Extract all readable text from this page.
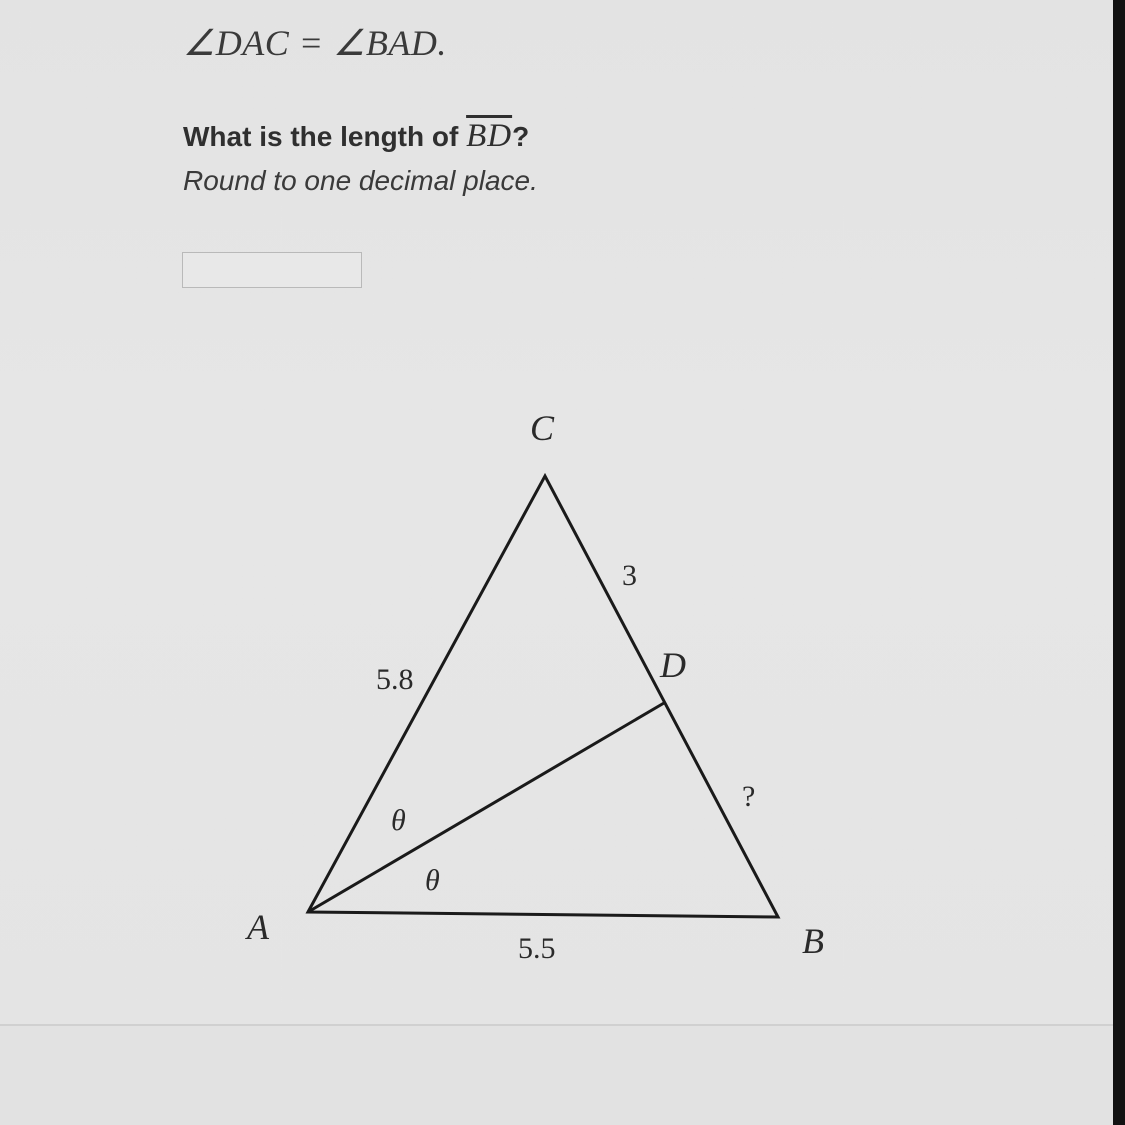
∠DAC = ∠BAD.
What is the length of $\overline{BD}$?
Round to one decimal place.
C
A	B
D
5.8
3
?
5.5
θ
θ
